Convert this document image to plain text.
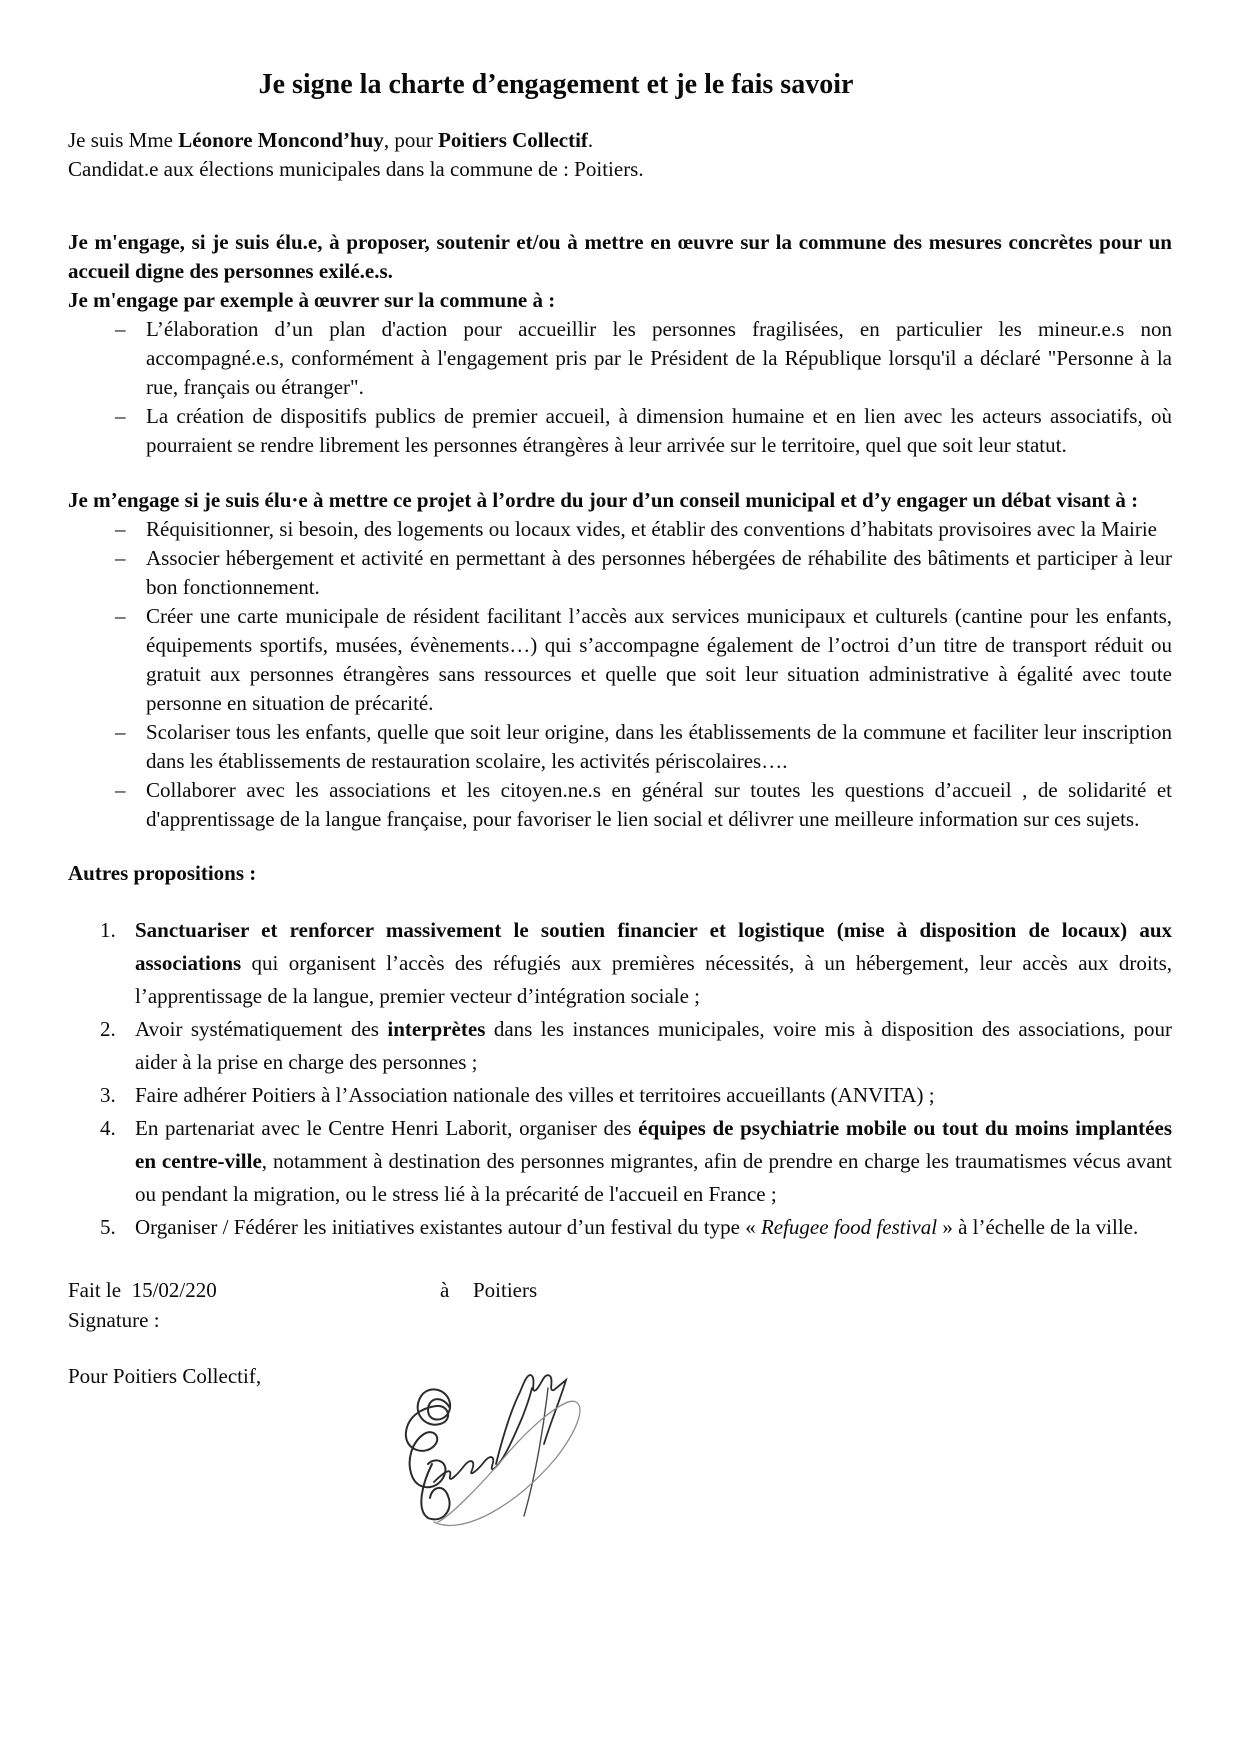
Je signe la charte d’engagement et je le fais savoir

Je suis Mme Léonore Moncond’huy, pour Poitiers Collectif.

Candidat.e aux élections municipales dans la commune de : Poitiers.

Je m'engage, si je suis élu.e, à proposer, soutenir et/ou à mettre en œuvre sur la commune des mesures concrètes pour un accueil digne des personnes exilé.e.s.

Je m'engage par exemple à œuvrer sur la commune à :

– L’élaboration d’un plan d'action pour accueillir les personnes fragilisées, en particulier les mineur.e.s non accompagné.e.s, conformément à l'engagement pris par le Président de la République lorsqu'il a déclaré "Personne à la rue, français ou étranger".
– La création de dispositifs publics de premier accueil, à dimension humaine et en lien avec les acteurs associatifs, où pourraient se rendre librement les personnes étrangères à leur arrivée sur le territoire, quel que soit leur statut.

Je m’engage si je suis élu·e à mettre ce projet à l’ordre du jour d’un conseil municipal et d’y engager un débat visant à :

– Réquisitionner, si besoin, des logements ou locaux vides, et établir des conventions d’habitats provisoires avec la Mairie
– Associer hébergement et activité en permettant à des personnes hébergées de réhabilite des bâtiments et participer à leur bon fonctionnement.
– Créer une carte municipale de résident facilitant l’accès aux services municipaux et culturels (cantine pour les enfants, équipements sportifs, musées, évènements…) qui s’accompagne également de l’octroi d’un titre de transport réduit ou gratuit aux personnes étrangères sans ressources et quelle que soit leur situation administrative à égalité avec toute personne en situation de précarité.
– Scolariser tous les enfants, quelle que soit leur origine, dans les établissements de la commune et faciliter leur inscription dans les établissements de restauration scolaire, les activités périscolaires….
– Collaborer avec les associations et les citoyen.ne.s en général sur toutes les questions d’accueil , de solidarité et d'apprentissage de la langue française, pour favoriser le lien social et délivrer une meilleure information sur ces sujets.

Autres propositions :

1. Sanctuariser et renforcer massivement le soutien financier et logistique (mise à disposition de locaux) aux associations qui organisent l’accès des réfugiés aux premières nécessités, à un hébergement, leur accès aux droits, l’apprentissage de la langue, premier vecteur d’intégration sociale ;
2. Avoir systématiquement des interprètes dans les instances municipales, voire mis à disposition des associations, pour aider à la prise en charge des personnes ;
3. Faire adhérer Poitiers à l’Association nationale des villes et territoires accueillants (ANVITA) ;
4. En partenariat avec le Centre Henri Laborit, organiser des équipes de psychiatrie mobile ou tout du moins implantées en centre-ville, notamment à destination des personnes migrantes, afin de prendre en charge les traumatismes vécus avant ou pendant la migration, ou le stress lié à la précarité de l'accueil en France ;
5. Organiser / Fédérer les initiatives existantes autour d’un festival du type « Refugee food festival » à l’échelle de la ville.
Fait le 15/02/220	à Poitiers

Signature :

Pour Poitiers Collectif,
